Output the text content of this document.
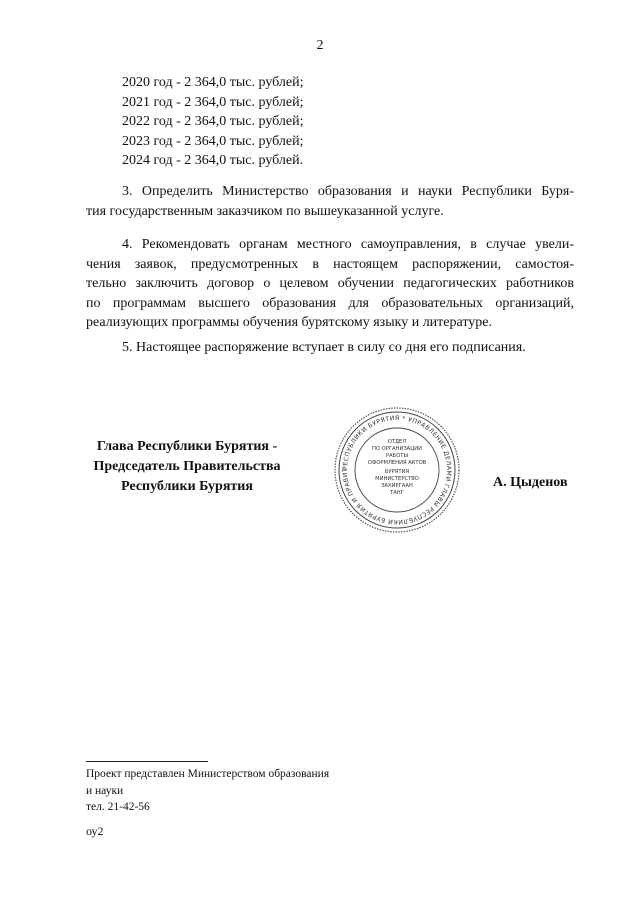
2
2020 год - 2 364,0 тыс. рублей;
2021 год - 2 364,0 тыс. рублей;
2022 год - 2 364,0 тыс. рублей;
2023 год - 2 364,0 тыс. рублей;
2024 год - 2 364,0 тыс. рублей.
3. Определить Министерство образования и науки Республики Буря-
тия государственным заказчиком по вышеуказанной услуге.
4. Рекомендовать органам местного самоуправления, в случае увели-
чения заявок, предусмотренных в настоящем распоряжении, самостоя-
тельно заключить договор о целевом обучении педагогических работников
по программам высшего образования для образовательных организаций,
реализующих программы обучения бурятскому языку и литературе.
5. Настоящее распоряжение вступает в силу со дня его подписания.
Глава Республики Бурятия -
Председатель Правительства
Республики Бурятия
РЕСПУБЛИКИ БУРЯТИЯ * УПРАВЛЕНИЕ ДЕЛАМИ ГЛАВЫ РЕСПУБЛИКИ БУРЯТИЯ И ПРАВИТ
ОТДЕЛ
ПО ОРГАНИЗАЦИИ
РАБОТЫ
ОФОРМЛЕНИЯ АКТОВ
БУРЯТИЯ
МИНИСТЕРСТВО
ЗАХИРГААН
ТАНГ
А. Цыденов
Проект представлен Министерством образования
и науки
тел. 21-42-56
оу2
